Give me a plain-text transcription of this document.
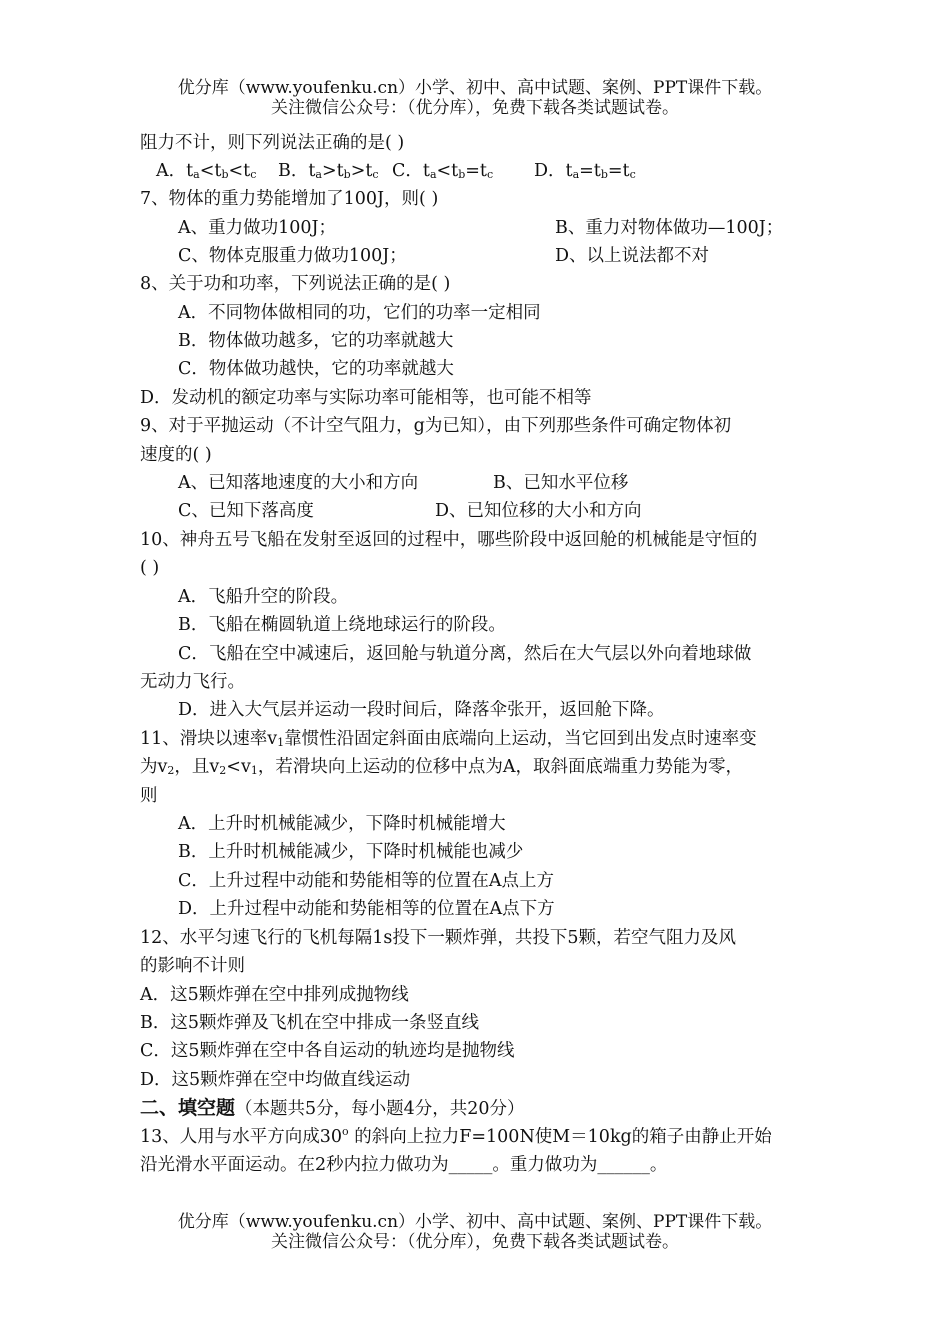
优分库（www.youfenku.cn）小学、初中、高中试题、案例、PPT课件下载。
关注微信公众号：（优分库），免费下载各类试题试卷。
阻力不计，则下列说法正确的是( )
A．$t_a<t_b<t_c$ B．$t_a>t_b>t_c$ C．$t_a<t_b=t_c$ D．$t_a=t_b=t_c$
7、物体的重力势能增加了100J，则( )
A、重力做功100J；	B、重力对物体做功—100J；
C、物体克服重力做功100J；	D、以上说法都不对
8、关于功和功率，下列说法正确的是( )
A．不同物体做相同的功，它们的功率一定相同
B．物体做功越多，它的功率就越大
C．物体做功越快，它的功率就越大
D．发动机的额定功率与实际功率可能相等，也可能不相等
9、对于平抛运动（不计空气阻力，g为已知），由下列那些条件可确定物体初
速度的( )
A、已知落地速度的大小和方向	B、已知水平位移
C、已知下落高度	D、已知位移的大小和方向
10、神舟五号飞船在发射至返回的过程中，哪些阶段中返回舱的机械能是守恒的
( )
A．飞船升空的阶段。
B．飞船在椭圆轨道上绕地球运行的阶段。
C．飞船在空中减速后，返回舱与轨道分离，然后在大气层以外向着地球做
无动力飞行。
D．进入大气层并运动一段时间后，降落伞张开，返回舱下降。
11、滑块以速率$v_1$靠惯性沿固定斜面由底端向上运动，当它回到出发点时速率变
为$v_2$，且$v_2<v_1$，若滑块向上运动的位移中点为A，取斜面底端重力势能为零，
则
A．上升时机械能减少，下降时机械能增大
B．上升时机械能减少，下降时机械能也减少
C．上升过程中动能和势能相等的位置在A点上方
D．上升过程中动能和势能相等的位置在A点下方
12、水平匀速飞行的飞机每隔1s投下一颗炸弹，共投下5颗，若空气阻力及风
的影响不计则
A．这5颗炸弹在空中排列成抛物线
B．这5颗炸弹及飞机在空中排成一条竖直线
C．这5颗炸弹在空中各自运动的轨迹均是抛物线
D．这5颗炸弹在空中均做直线运动
二、填空题（本题共5分，每小题4分，共20分）
13、人用与水平方向成30$^o$ 的斜向上拉力F=100N使M＝10kg的箱子由静止开始
沿光滑水平面运动。在2秒内拉力做功为_____。重力做功为______。
优分库（www.youfenku.cn）小学、初中、高中试题、案例、PPT课件下载。
关注微信公众号：（优分库），免费下载各类试题试卷。
